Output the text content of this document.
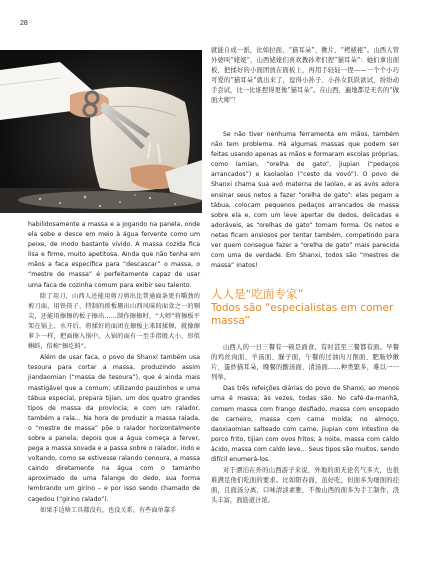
28

habilidosamente a massa e a jogando na panela, onde ela sobe e desce em meio à água fervente como um peixe, de modo bastante vivido. A massa cozida fica lisa e firme, muito apetitosa. Ainda que não tenha em mãos a faca específica para “descascar” o massa, o “mestre de massa” é perfeitamente capaz de usar uma faca de cozinha comum para exibir seu talento.

除了用刀，山西人还能用剪刀剪出比普通面条更有嚼劲的剪刀面，用铁筷子、特制的拨板剔出山西风味的面食之一的剔尖，还能用擦擦的板子擦出……制作擦擦时，“大师”将擦板平架在锅上，水开后，将揉好的面团在擦板上来回揉擦，就像擦萝卜一样，把面擦入锅中。入锅的面有一至手指般大小，形似蝌蚪，俗称“擦圪蚪”。

Além de usar faca, o povo de Shanxi também usa tesoura para cortar a massa, produzindo assim jiandaomian (“massa de tesoura”), que é ainda mais mastigável que a comum; utilizando pauzinhos e uma tábua especial, prepara tijian, um dos quatro grandes tipos de massa da província; e com um ralador, também a rala... Na hora de produzir a massa ralada, o “mestre de massa” põe o ralador horizontalmente sobre a panela; depois que a água começa a ferver, pega a massa sovada e a passa sobre o ralador, indo e voltando, como se estivesse ralando cenoura, a massa caindo diretamente na água com o tamanho aproximado de uma falange do dedo, sua forma lembrando um girino – e por isso sendo chamado de cagedou (“girino ralado”).

如果手边啥工具都没有，也没关系。有些面单靠手

就能自成一派，比如拉面、“猫耳朵”、揪片、“栲栳栳”。山西人管外婆叫“姥姥”，山西姥姥们喜欢教孙辈们捏“猫耳朵”：她们拿出面板，把揉好的小面团放在面板上，再用手轻轻一捏——一个个小巧可爱的“猫耳朵”就出来了，逗得小孙子、小孙女跃跃欲试，纷纷动手尝试，比一比谁捏得更像“猫耳朵”。在山西，遍地都是无名的“做面大师”！

Se não tiver nenhuma ferramenta em mãos, também não tem problema. Há algumas massas que podem ser feitas usando apenas as mãos e formaram escolas próprias, como lamian, “orelha de gato”, jiupian (“pedaços arrancados”) e kaolaolao (“cesto da vovó”). O povo de Shanxi chama sua avó materna de laolao, e as avós adora ensinar seus netos a fazer “orelha de gato”: elas pegam a tábua, colocam pequenos pedaços arrancados de massa sobre ela e, com um leve apertar de dedos, delicadas e adoráveis, as “orelhas de gato” tomam forma. Os netos e netas ficam ansiosos por tentar também, competindo para ver quem consegue fazer a “orelha de gato” mais parecida com uma de verdade. Em Shanxi, todos são “mestres de massa” inatos!

人人是“吃面专家”
Todos são “especialistas em comer massa”

山西人的一日三餐有一顿是面食，有时甚至三餐都有面。早餐的鸡丝肉面、羊汤面、臊子面，午餐的过油肉刀削面、肥肠炒揪片、蛋炒猫耳朵，晚餐的酸汤面、清汤面……种类繁多，难以一一列举。

Das três refeições diárias do povo de Shanxi, ao menos uma é massa; às vezes, todas são. No café-da-manhã, comem massa com frango desfiado, massa com ensopado de carneiro, massa com carne moída; no almoço, daoxiaomian salteado com carne, jiupian com intestino de porco frito, tijian com ovos fritos; à noite, massa com caldo ácido, massa com caldo leve... Seus tipos são muitos, sendo difícil enumerá-los.

对于漂泊在外的山西游子来说，外地的面无论名气多大，也很难满足他们吃面的要求。比如阳春面，虽好吃，但面多为细面的挂面，且面汤分离，口味清淡素雅，不像山西的面多为手工制作，浇头丰富，面筋道汁浓。
